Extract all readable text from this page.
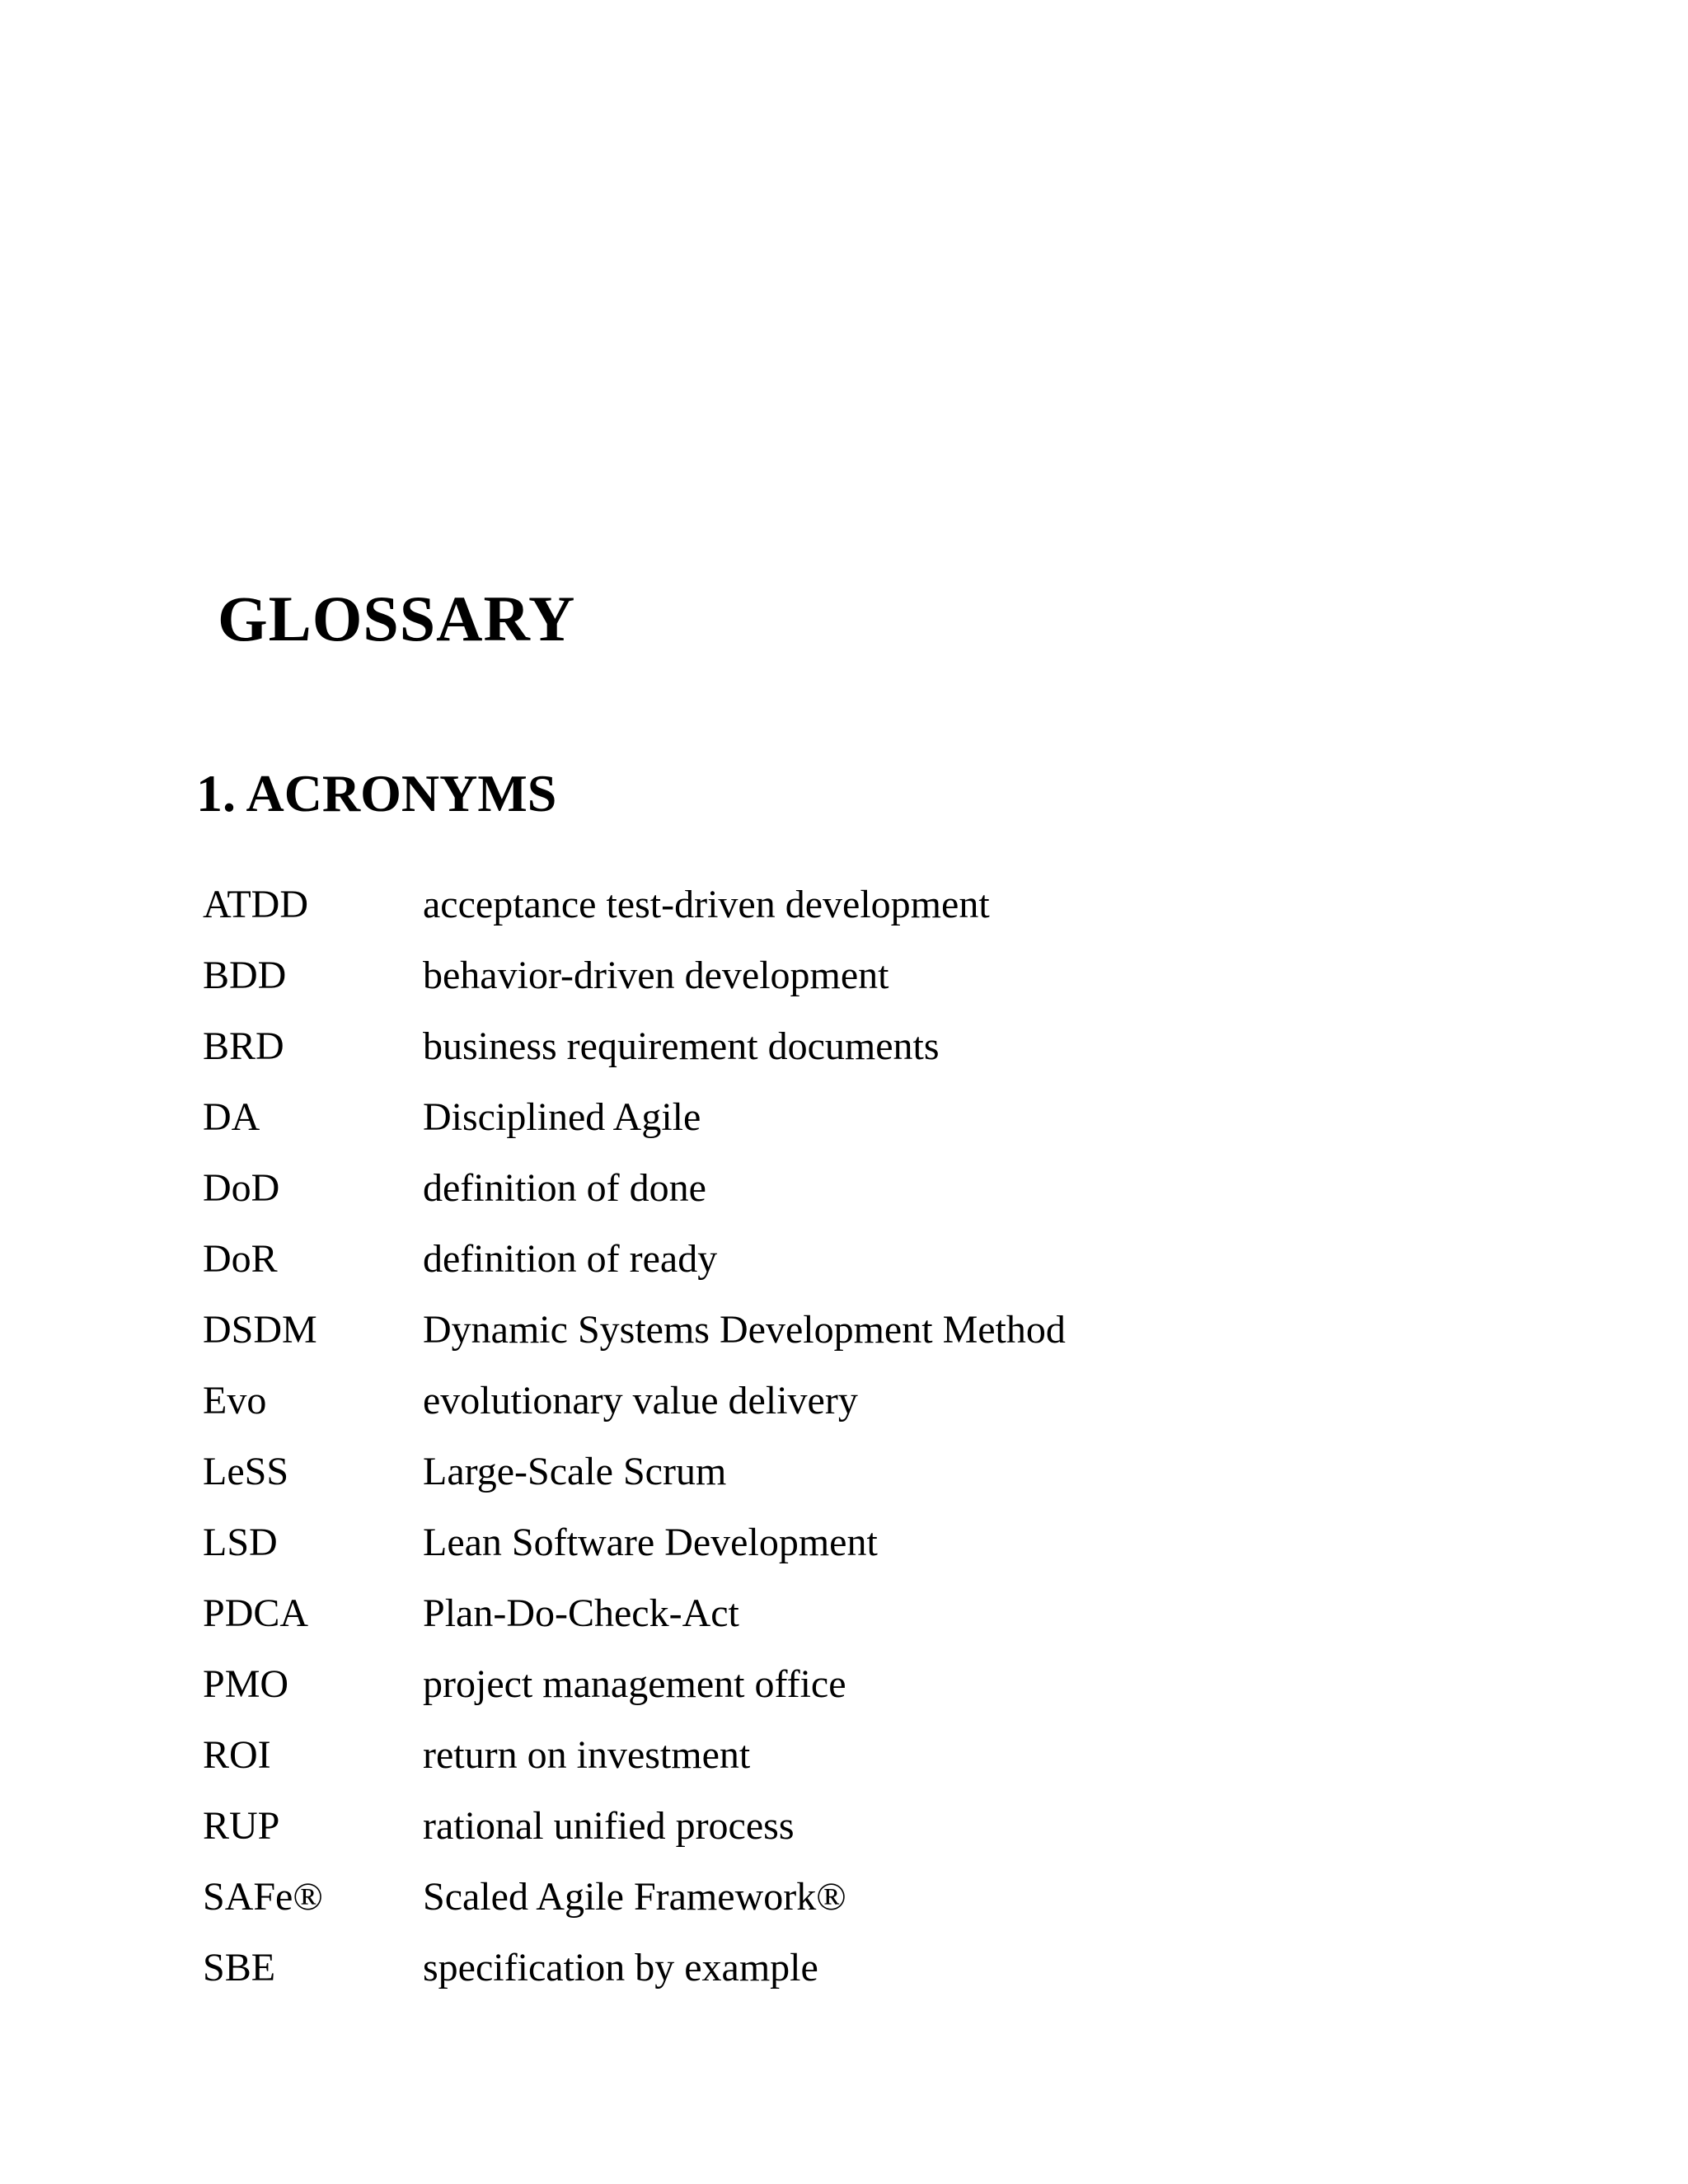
GLOSSARY
1. ACRONYMS
ATDD	acceptance test-driven development
BDD	behavior-driven development
BRD	business requirement documents
DA	Disciplined Agile
DoD	definition of done
DoR	definition of ready
DSDM	Dynamic Systems Development Method
Evo	evolutionary value delivery
LeSS	Large-Scale Scrum
LSD	Lean Software Development
PDCA	Plan-Do-Check-Act
PMO	project management office
ROI	return on investment
RUP	rational unified process
SAFe®	Scaled Agile Framework®
SBE	specification by example
